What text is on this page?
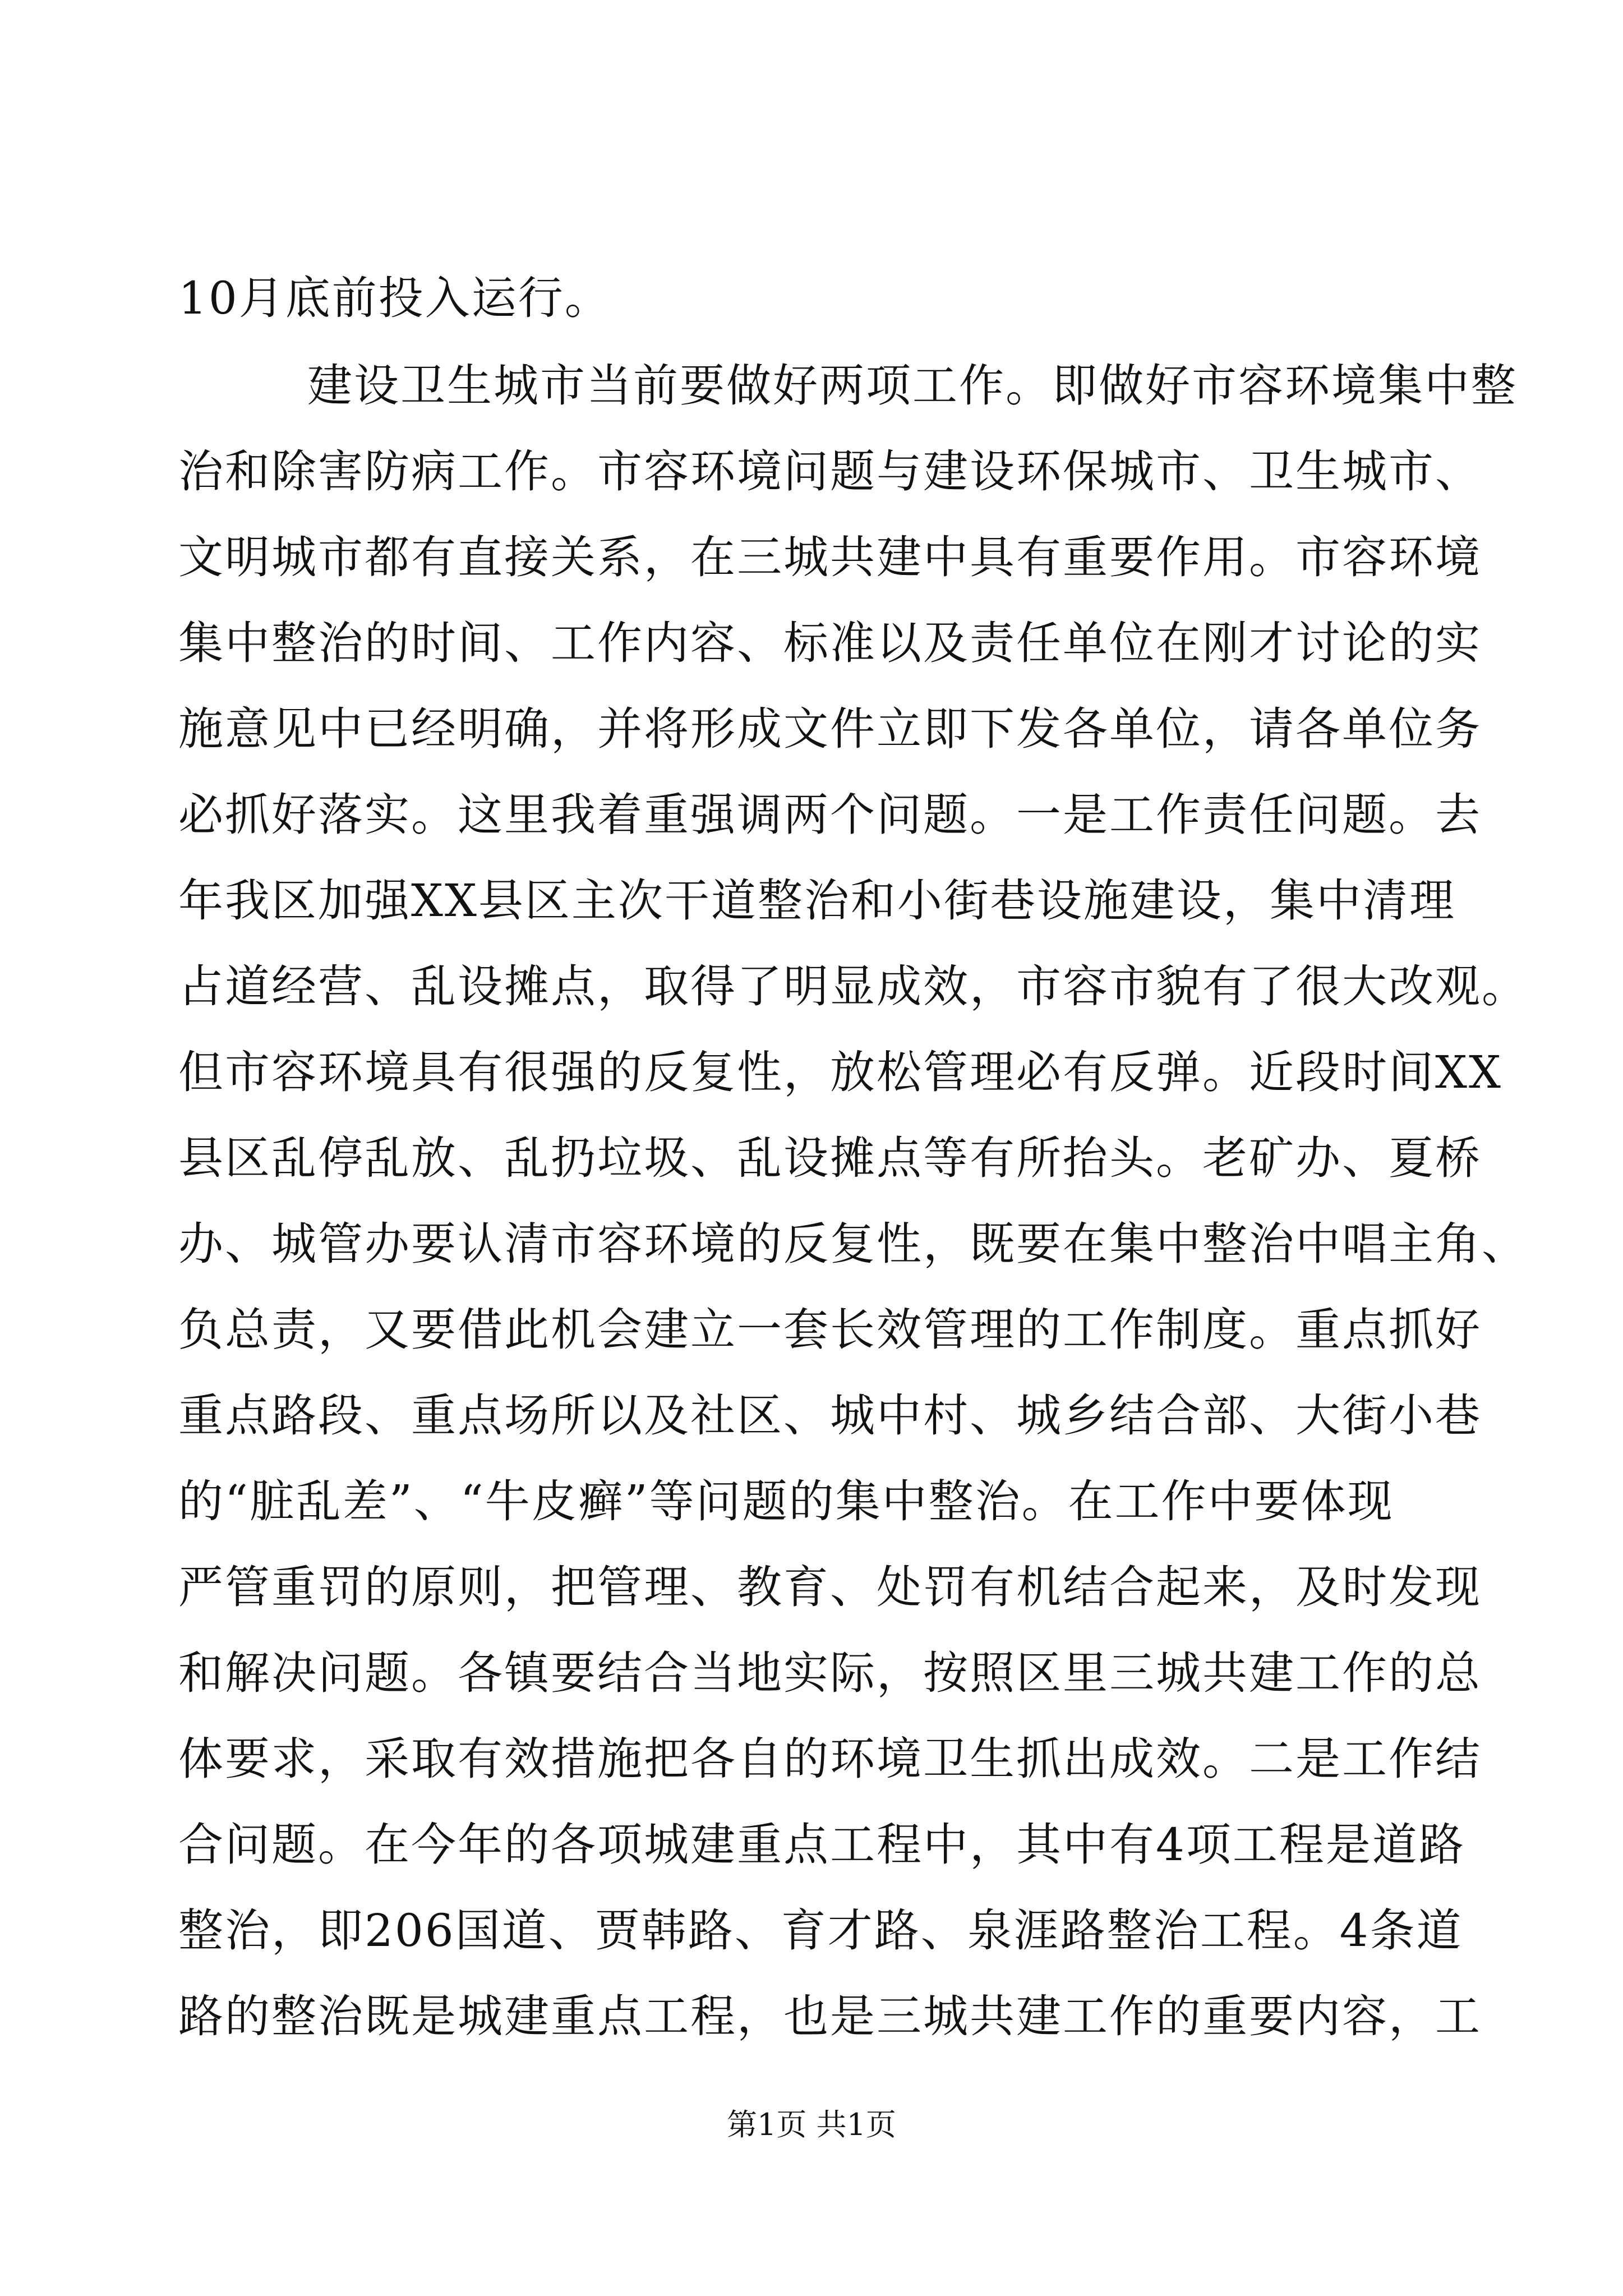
10月底前投入运行。
建设卫生城市当前要做好两项工作。即做好市容环境集中整
治和除害防病工作。市容环境问题与建设环保城市、卫生城市、
文明城市都有直接关系，在三城共建中具有重要作用。市容环境
集中整治的时间、工作内容、标准以及责任单位在刚才讨论的实
施意见中已经明确，并将形成文件立即下发各单位，请各单位务
必抓好落实。这里我着重强调两个问题。一是工作责任问题。去
年我区加强XX县区主次干道整治和小街巷设施建设，集中清理
占道经营、乱设摊点，取得了明显成效，市容市貌有了很大改观。
但市容环境具有很强的反复性，放松管理必有反弹。近段时间XX
县区乱停乱放、乱扔垃圾、乱设摊点等有所抬头。老矿办、夏桥
办、城管办要认清市容环境的反复性，既要在集中整治中唱主角、
负总责，又要借此机会建立一套长效管理的工作制度。重点抓好
重点路段、重点场所以及社区、城中村、城乡结合部、大街小巷
的“脏乱差”、“牛皮癣”等问题的集中整治。在工作中要体现
严管重罚的原则，把管理、教育、处罚有机结合起来，及时发现
和解决问题。各镇要结合当地实际，按照区里三城共建工作的总
体要求，采取有效措施把各自的环境卫生抓出成效。二是工作结
合问题。在今年的各项城建重点工程中，其中有4项工程是道路
整治，即206国道、贾韩路、育才路、泉涯路整治工程。4条道
路的整治既是城建重点工程，也是三城共建工作的重要内容，工
第1页 共1页
